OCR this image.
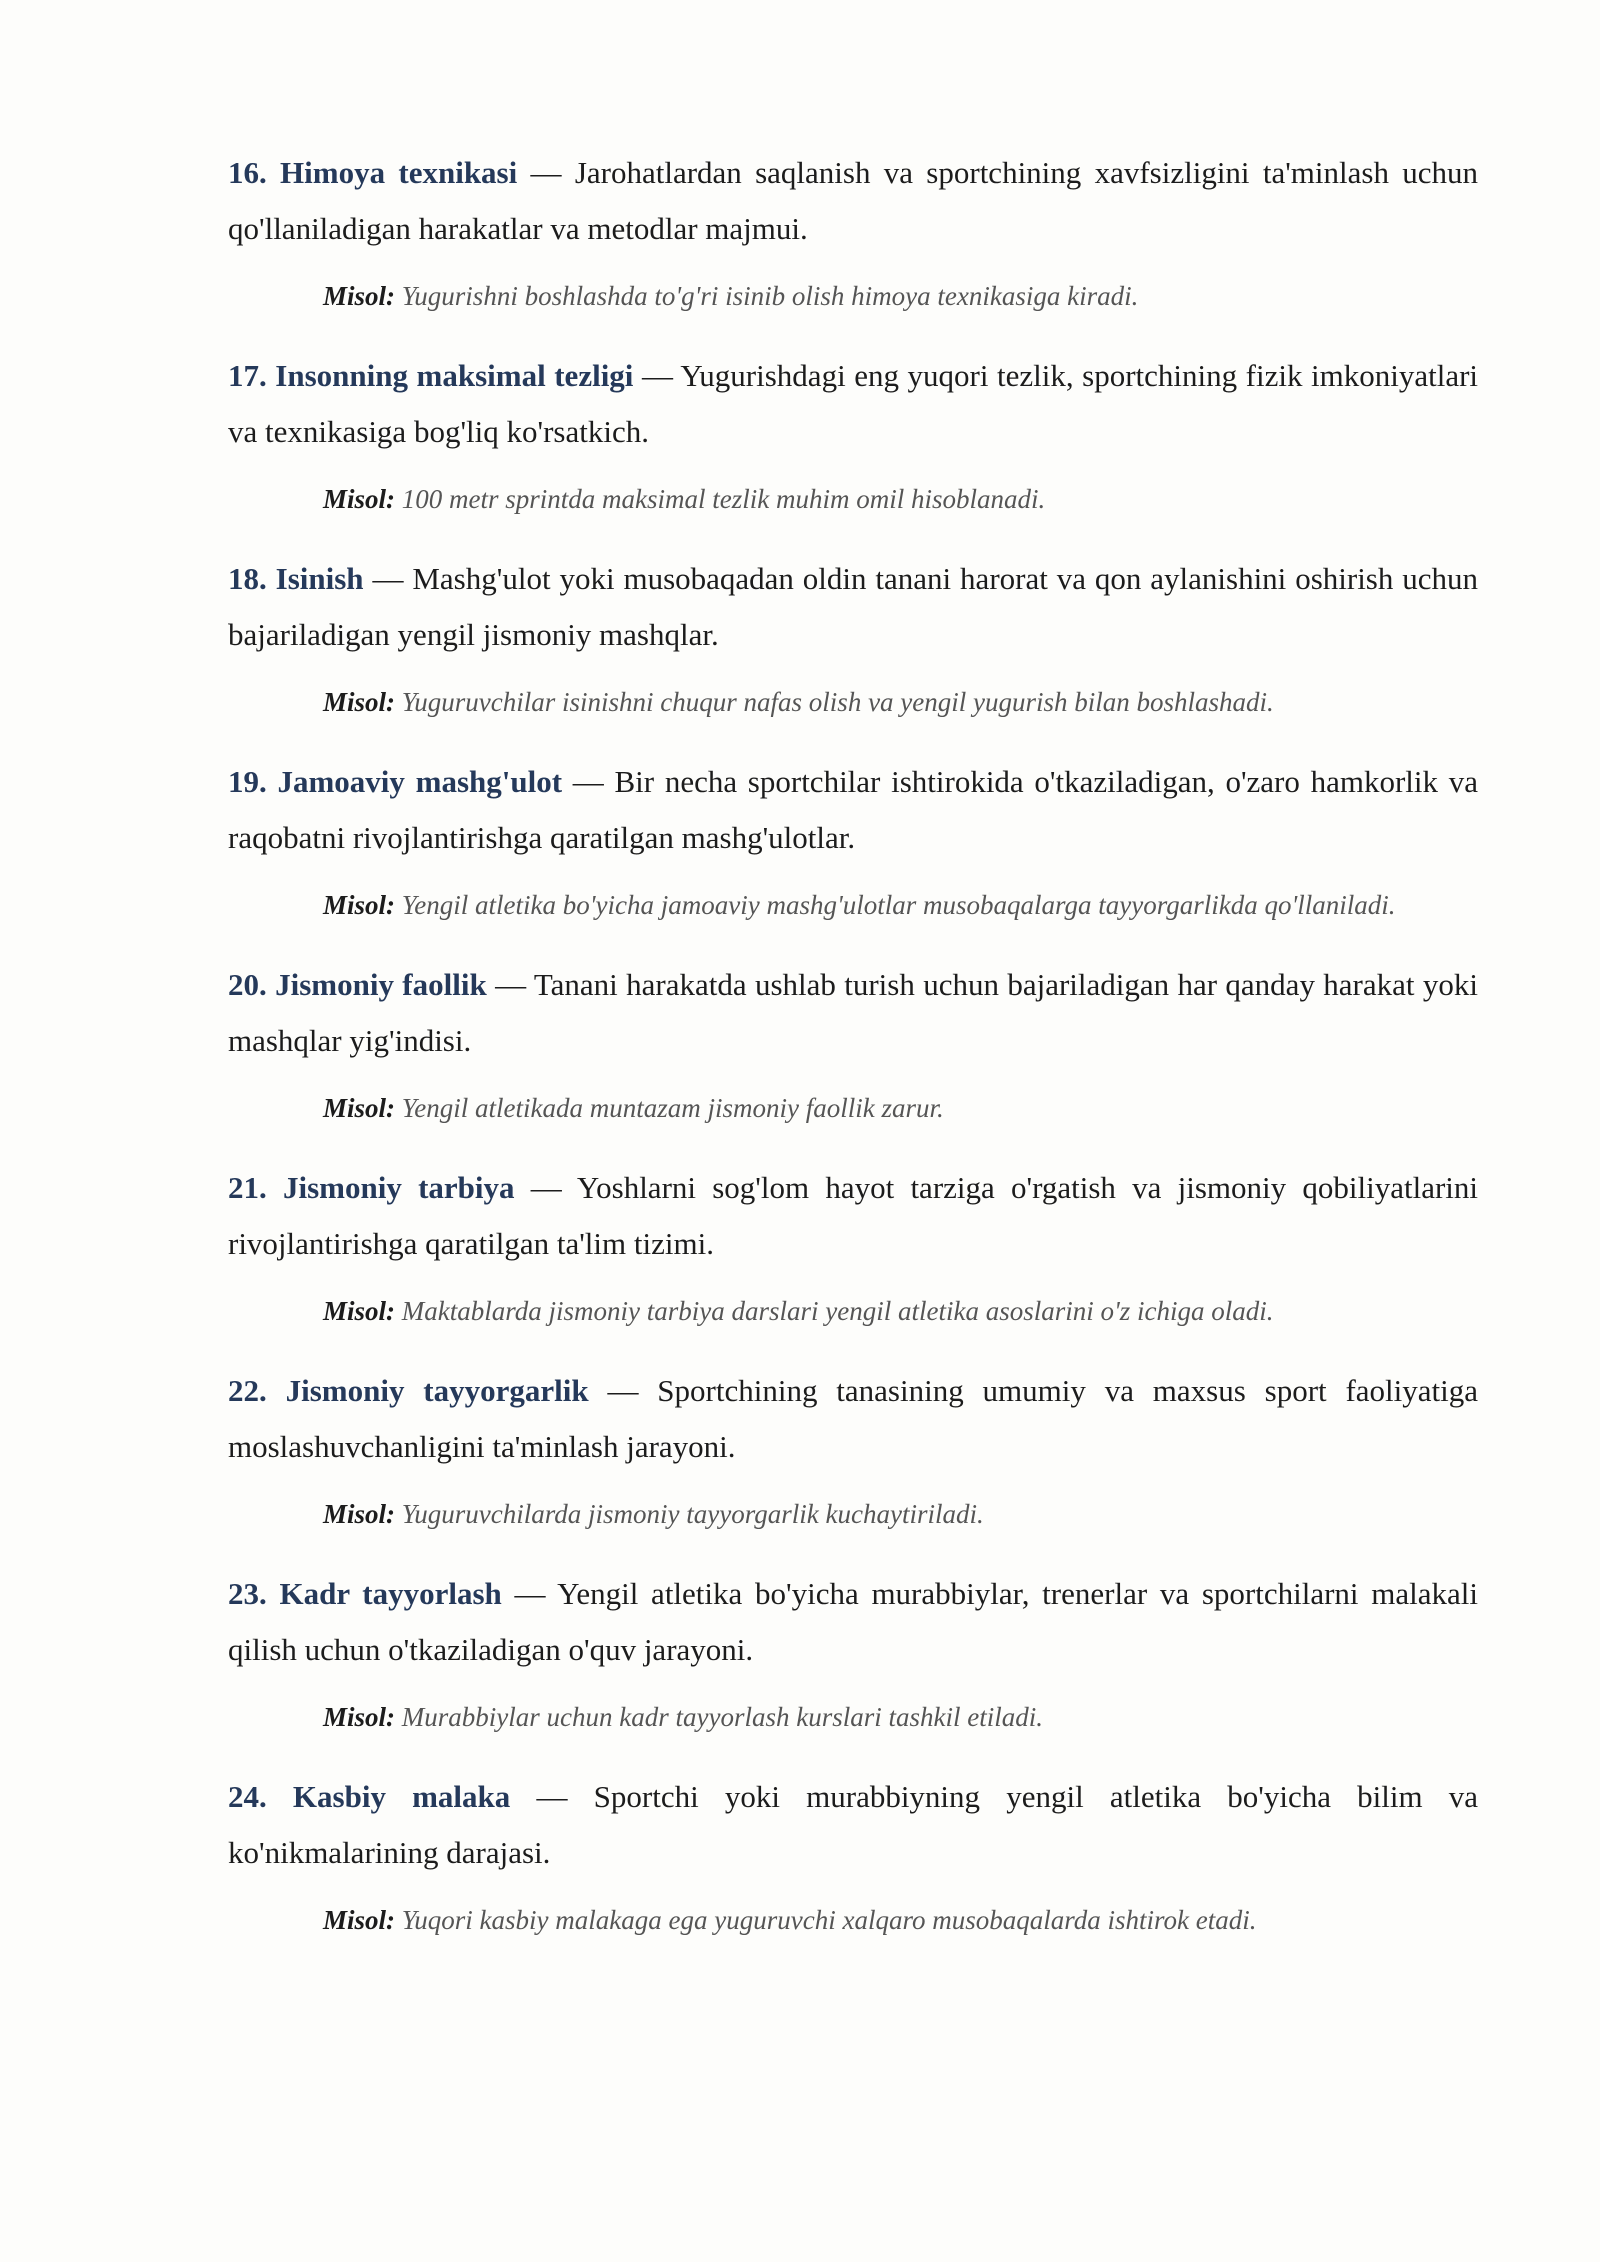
16. Himoya texnikasi — Jarohatlardan saqlanish va sportchining xavfsizligini ta'minlash uchun qo'llaniladigan harakatlar va metodlar majmui.

Misol: Yugurishni boshlashda to'g'ri isinib olish himoya texnikasiga kiradi.

17. Insonning maksimal tezligi — Yugurishdagi eng yuqori tezlik, sportchining fizik imkoniyatlari va texnikasiga bog'liq ko'rsatkich.

Misol: 100 metr sprintda maksimal tezlik muhim omil hisoblanadi.

18. Isinish — Mashg'ulot yoki musobaqadan oldin tanani harorat va qon aylanishini oshirish uchun bajariladigan yengil jismoniy mashqlar.

Misol: Yuguruvchilar isinishni chuqur nafas olish va yengil yugurish bilan boshlashadi.

19. Jamoaviy mashg'ulot — Bir necha sportchilar ishtirokida o'tkaziladigan, o'zaro hamkorlik va raqobatni rivojlantirishga qaratilgan mashg'ulotlar.

Misol: Yengil atletika bo'yicha jamoaviy mashg'ulotlar musobaqalarga tayyorgarlikda qo'llaniladi.

20. Jismoniy faollik — Tanani harakatda ushlab turish uchun bajariladigan har qanday harakat yoki mashqlar yig'indisi.

Misol: Yengil atletikada muntazam jismoniy faollik zarur.

21. Jismoniy tarbiya — Yoshlarni sog'lom hayot tarziga o'rgatish va jismoniy qobiliyatlarini rivojlantirishga qaratilgan ta'lim tizimi.

Misol: Maktablarda jismoniy tarbiya darslari yengil atletika asoslarini o'z ichiga oladi.

22. Jismoniy tayyorgarlik — Sportchining tanasining umumiy va maxsus sport faoliyatiga moslashuvchanligini ta'minlash jarayoni.

Misol: Yuguruvchilarda jismoniy tayyorgarlik kuchaytiriladi.

23. Kadr tayyorlash — Yengil atletika bo'yicha murabbiylar, trenerlar va sportchilarni malakali qilish uchun o'tkaziladigan o'quv jarayoni.

Misol: Murabbiylar uchun kadr tayyorlash kurslari tashkil etiladi.

24. Kasbiy malaka — Sportchi yoki murabbiyning yengil atletika bo'yicha bilim va ko'nikmalarining darajasi.

Misol: Yuqori kasbiy malakaga ega yuguruvchi xalqaro musobaqalarda ishtirok etadi.
